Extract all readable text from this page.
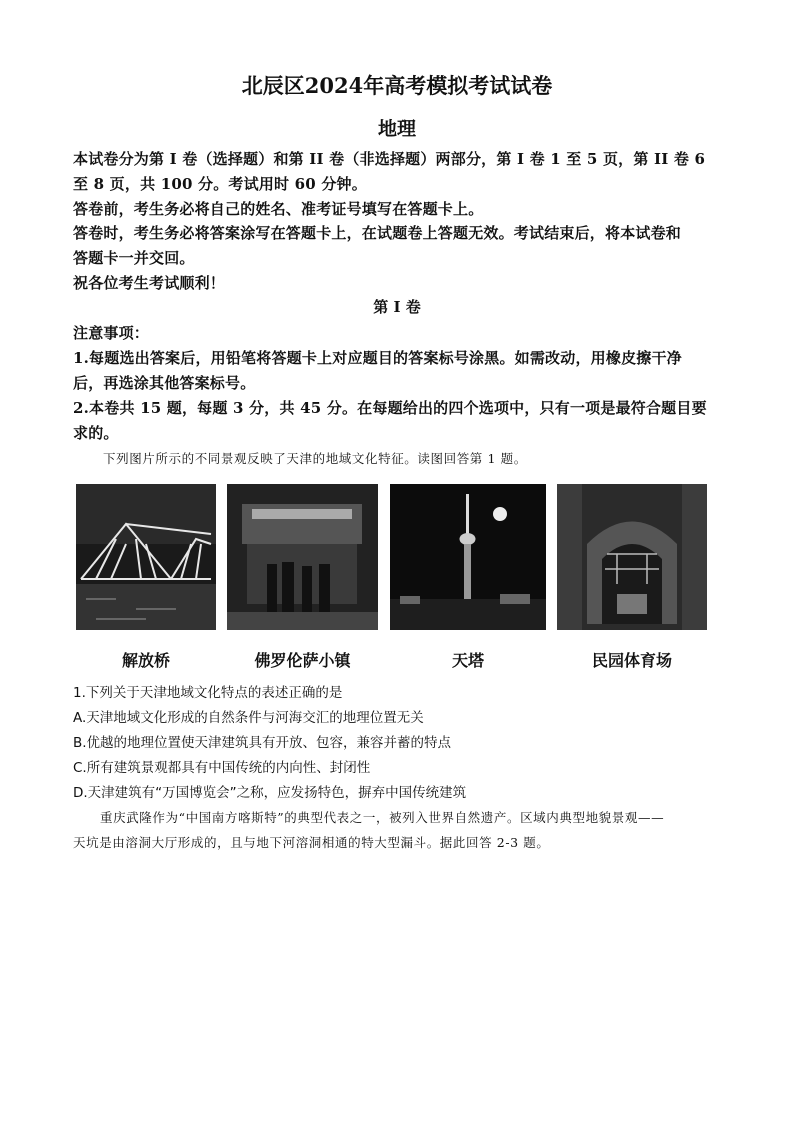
北辰区2024年高考模拟考试试卷
地理
本试卷分为第 I 卷（选择题）和第 II 卷（非选择题）两部分，第 I 卷 1 至 5 页，第 II 卷 6
至 8 页，共 100 分。考试用时 60 分钟。
答卷前，考生务必将自己的姓名、准考证号填写在答题卡上。
答卷时，考生务必将答案涂写在答题卡上，在试题卷上答题无效。考试结束后，将本试卷和
答题卡一并交回。
祝各位考生考试顺利！
第 I 卷
注意事项：
1.每题选出答案后，用铅笔将答题卡上对应题目的答案标号涂黑。如需改动，用橡皮擦干净
后，再选涂其他答案标号。
2.本卷共 15 题，每题 3 分，共 45 分。在每题给出的四个选项中，只有一项是最符合题目要
求的。
下列图片所示的不同景观反映了天津的地域文化特征。读图回答第 1 题。
解放桥	佛罗伦萨小镇	天塔	民园体育场
1.下列关于天津地域文化特点的表述正确的是
A.天津地域文化形成的自然条件与河海交汇的地理位置无关
B.优越的地理位置使天津建筑具有开放、包容，兼容并蓄的特点
C.所有建筑景观都具有中国传统的内向性、封闭性
D.天津建筑有“万国博览会”之称，应发扬特色，摒弃中国传统建筑
重庆武隆作为“中国南方喀斯特”的典型代表之一，被列入世界自然遗产。区域内典型地貌景观——
天坑是由溶洞大厅形成的，且与地下河溶洞相通的特大型漏斗。据此回答 2-3 题。
